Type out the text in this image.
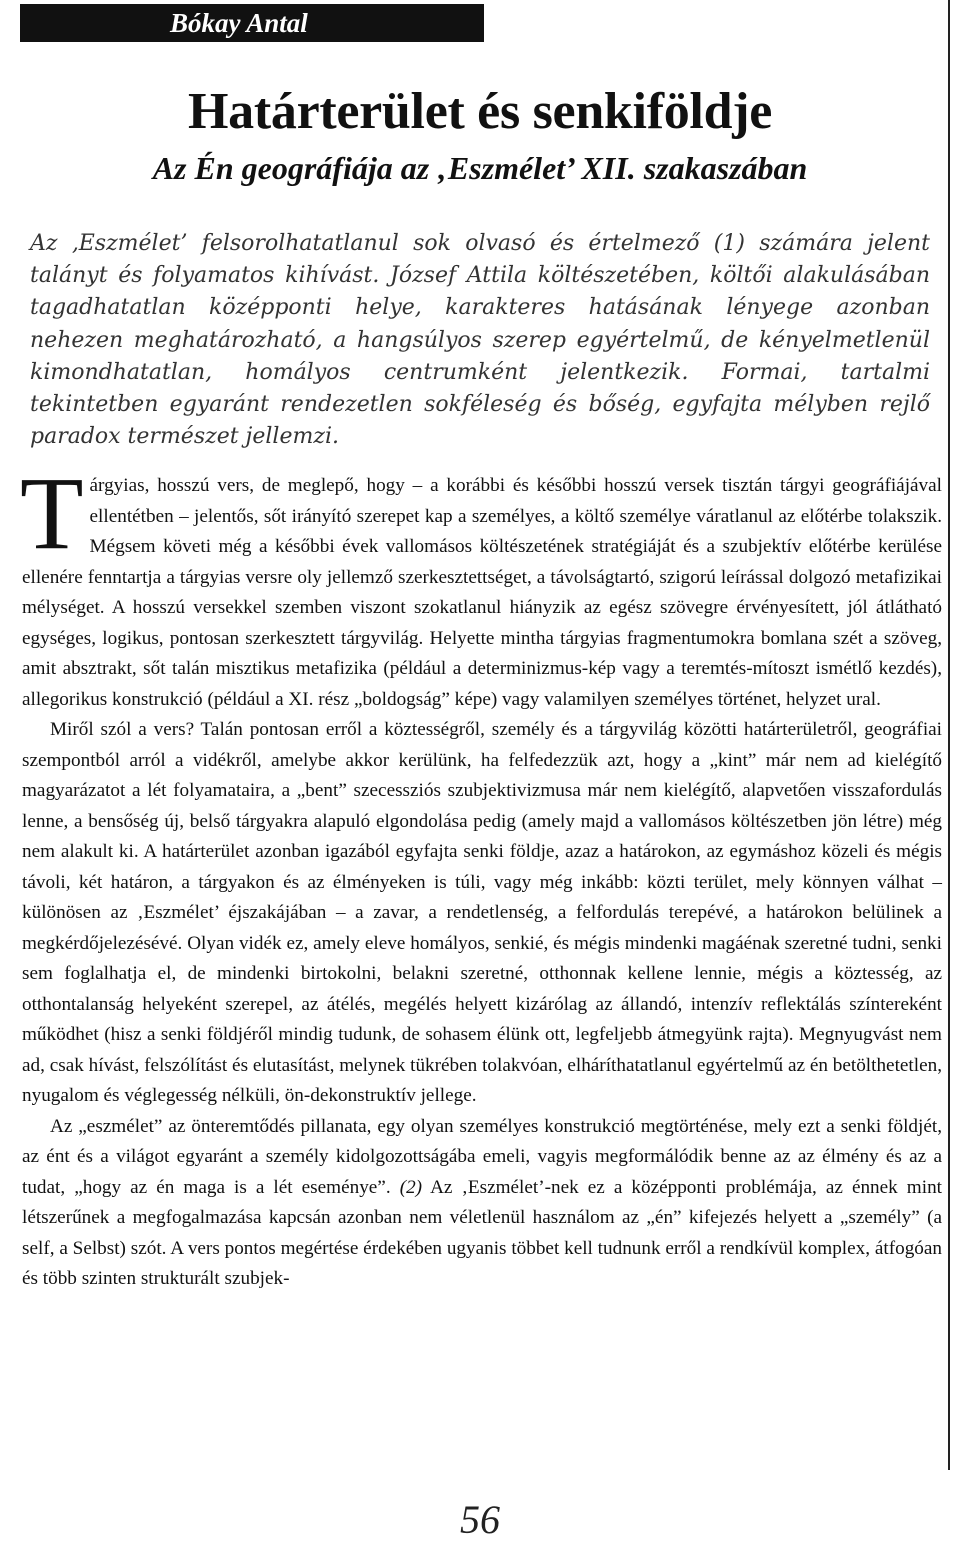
Bókay Antal
Határterület és senkiföldje
Az Én geográfiája az ‚Eszmélet’ XII. szakaszában
Az ‚Eszmélet’ felsorolhatatlanul sok olvasó és értelmező (1) számára jelent talányt és folyamatos kihívást. József Attila költészetében, költői alakulásában tagadhatatlan középponti helye, karakteres hatásának lényege azonban nehezen meghatározható, a hangsúlyos szerep egyértelmű, de kényelmetlenül kimondhatatlan, homályos centrumként jelentkezik. Formai, tartalmi tekintetben egyaránt rendezetlen sokféleség és bőség, egyfajta mélyben rejlő paradox természet jellemzi.

Tárgyias, hosszú vers, de meglepő, hogy – a korábbi és későbbi hosszú versek tisztán tárgyi geográfiájával ellentétben – jelentős, sőt irányító szerepet kap a személyes, a költő személye váratlanul az előtérbe tolakszik. Mégsem követi még a későbbi évek vallomásos költészetének stratégiáját és a szubjektív előtérbe kerülése ellenére fenntartja a tárgyias versre oly jellemző szerkesztettséget, a távolságtartó, szigorú leírással dolgozó metafizikai mélységet. A hosszú versekkel szemben viszont szokatlanul hiányzik az egész szövegre érvényesített, jól átlátható egységes, logikus, pontosan szerkesztett tárgyvilág. Helyette mintha tárgyias fragmentumokra bomlana szét a szöveg, amit absztrakt, sőt talán misztikus metafizika (például a determinizmus-kép vagy a teremtés-mítoszt ismétlő kezdés), allegorikus konstrukció (például a XI. rész „boldogság” képe) vagy valamilyen személyes történet, helyzet ural.

Miről szól a vers? Talán pontosan erről a köztességről, személy és a tárgyvilág közötti határterületről, geográfiai szempontból arról a vidékről, amelybe akkor kerülünk, ha felfedezzük azt, hogy a „kint” már nem ad kielégítő magyarázatot a lét folyamataira, a „bent” szecessziós szubjektivizmusa már nem kielégítő, alapvetően visszafordulás lenne, a bensőség új, belső tárgyakra alapuló elgondolása pedig (amely majd a vallomásos költészetben jön létre) még nem alakult ki. A határterület azonban igazából egyfajta senki földje, azaz a határokon, az egymáshoz közeli és mégis távoli, két határon, a tárgyakon és az élményeken is túli, vagy még inkább: közti terület, mely könnyen válhat – különösen az ‚Eszmélet’ éjszakájában – a zavar, a rendetlenség, a felfordulás terepévé, a határokon belülinek a megkérdőjelezésévé. Olyan vidék ez, amely eleve homályos, senkié, és mégis mindenki magáénak szeretné tudni, senki sem foglalhatja el, de mindenki birtokolni, belakni szeretné, otthonnak kellene lennie, mégis a köztesség, az otthontalanság helyeként szerepel, az átélés, megélés helyett kizárólag az állandó, intenzív reflektálás színtereként működhet (hisz a senki földjéről mindig tudunk, de sohasem élünk ott, legfeljebb átmegyünk rajta). Megnyugvást nem ad, csak hívást, felszólítást és elutasítást, melynek tükrében tolakvóan, elháríthatatlanul egyértelmű az én betölthetetlen, nyugalom és véglegesség nélküli, ön-dekonstruktív jellege.

Az „eszmélet” az önteremtődés pillanata, egy olyan személyes konstrukció megtörténése, mely ezt a senki földjét, az ént és a világot egyaránt a személy kidolgozottságába emeli, vagyis megformálódik benne az az élmény és az a tudat, „hogy az én maga is a lét eseménye”. (2) Az ‚Eszmélet’-nek ez a középponti problémája, az énnek mint létszerűnek a megfogalmazása kapcsán azonban nem véletlenül használom az „én” kifejezés helyett a „személy” (a self, a Selbst) szót. A vers pontos megértése érdekében ugyanis többet kell tudnunk erről a rendkívül komplex, átfogóan és több szinten strukturált szubjek-

56
